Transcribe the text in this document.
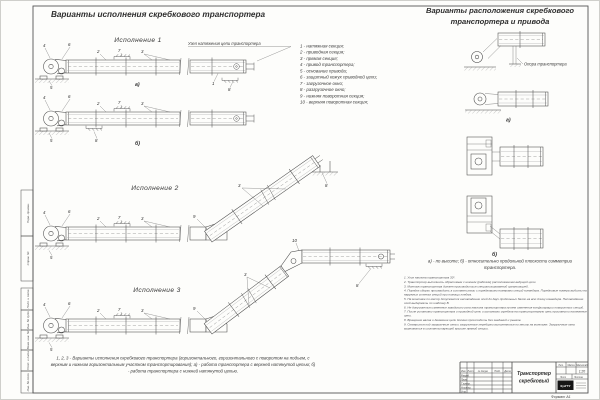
Перв. примен.
Справ. №
Подп. и дата
Инв. № дубл.
Взам. инв. №
Подп. и дата
Инв. № подл.
Варианты исполнения скребкового транспортера	Варианты расположения скребкового
транспортера и привода
Исполнение 1
а)
4	6
2	7	3
5
1
8
Узел натяжения цепи транспортера
б)
4	6
2	7	3
8
5
Исполнение 2
4	6
2	7	3	9
3	8
5
Исполнение 3
4	6
2	7	3
5
9
3
10
8
Опора транспортера
а)
б)
Изм. Лист № докум.	Подп.	Дата
Разраб.
Пров.
Т.контр.
Н.контр.
Утв.
Транспортер
скребковый
Лит. Масса Масштаб
1:20
Лист	Листов
КузГТУ
Формат А1
1 - натяжная секция;
2 - приводная секция;
3 - прямая секция;
4 - привод транспортера;
5 - основание привода;
6 - защитный кожух приводной цепи;
7 - загрузочное окно;
8 - разгрузочное окно;
9 - нижняя поворотная секция;
10 - верхняя поворотная секция;
а) - по высоте; б) - относительно продольной плоскости симметрии транспортера.
1. Угол наклона транспортера 30°.
2. Транспортер выполнить обратимым с нижним (рабочим) расположением ведущей цепи.
3. Монтаж транспортера должен производиться специализированной организацией.
4. Порядок сборки производить в соответствии с порядковыми номерами секций конвейера. Порядковые номера выбиты на наружных стенках секций при помощи клейма.
5. На монтаже по месту допускается несовпадение осей до двух продольных балок на всю длину конвейера. Несовпадение осей выдержать по шаблону В.
6. Не допускается изменение заводского угла наклона транспортера путем изменения конфигурации поворотных секций.
7. После установки транспортера и приводной цепи и установки скребков на транспортерную цепь произвести натяжение цепи.
8. Вращение валов и движение цепи должно происходить без заеданий и рывков.
9. Отверстия под загрузочные окна и загрузочные переборки выполняются по месту на монтаже. Загрузочные окна вырезаются в соответствующей крышке прямой секции.
1, 2, 3 - Варианты исполнения скребкового транспортера (горизонтального, горизонтального с поворотом на подъем, с верхним и нижним горизонтальным участком транспортирования); а) - работа транспортера с верхней натянутой цепью; б) - работа транспортера с нижней натянутой цепью.
